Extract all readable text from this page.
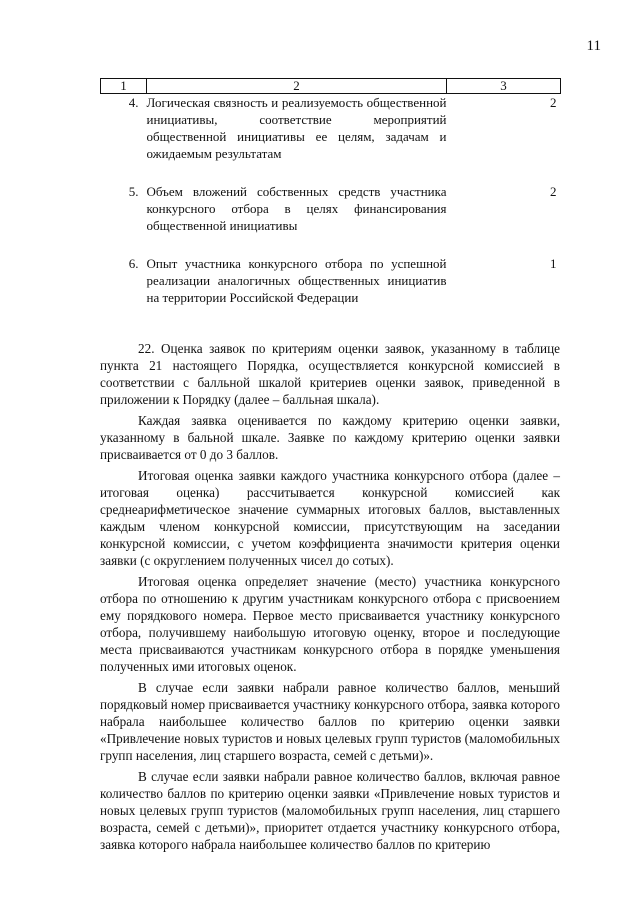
11
1	2	3
4.	Логическая связность и реализуемость общественной инициативы, соответствие мероприятий общественной инициативы ее целям, задачам и ожидаемым результатам	2
5.	Объем вложений собственных средств участника конкурсного отбора в целях финансирования общественной инициативы	2
6.	Опыт участника конкурсного отбора по успешной реализации аналогичных общественных инициатив на территории Российской Федерации	1

22. Оценка заявок по критериям оценки заявок, указанному в таблице пункта 21 настоящего Порядка, осуществляется конкурсной комиссией в соответствии с балльной шкалой критериев оценки заявок, приведенной в приложении к Порядку (далее – балльная шкала).

Каждая заявка оценивается по каждому критерию оценки заявки, указанному в бальной шкале. Заявке по каждому критерию оценки заявки присваивается от 0 до 3 баллов.

Итоговая оценка заявки каждого участника конкурсного отбора (далее – итоговая оценка) рассчитывается конкурсной комиссией как среднеарифметическое значение суммарных итоговых баллов, выставленных каждым членом конкурсной комиссии, присутствующим на заседании конкурсной комиссии, с учетом коэффициента значимости критерия оценки заявки (с округлением полученных чисел до сотых).

Итоговая оценка определяет значение (место) участника конкурсного отбора по отношению к другим участникам конкурсного отбора с присвоением ему порядкового номера. Первое место присваивается участнику конкурсного отбора, получившему наибольшую итоговую оценку, второе и последующие места присваиваются участникам конкурсного отбора в порядке уменьшения полученных ими итоговых оценок.

В случае если заявки набрали равное количество баллов, меньший порядковый номер присваивается участнику конкурсного отбора, заявка которого набрала наибольшее количество баллов по критерию оценки заявки «Привлечение новых туристов и новых целевых групп туристов (маломобильных групп населения, лиц старшего возраста, семей с детьми)».

В случае если заявки набрали равное количество баллов, включая равное количество баллов по критерию оценки заявки «Привлечение новых туристов и новых целевых групп туристов (маломобильных групп населения, лиц старшего возраста, семей с детьми)», приоритет отдается участнику конкурсного отбора, заявка которого набрала наибольшее количество баллов по критерию
